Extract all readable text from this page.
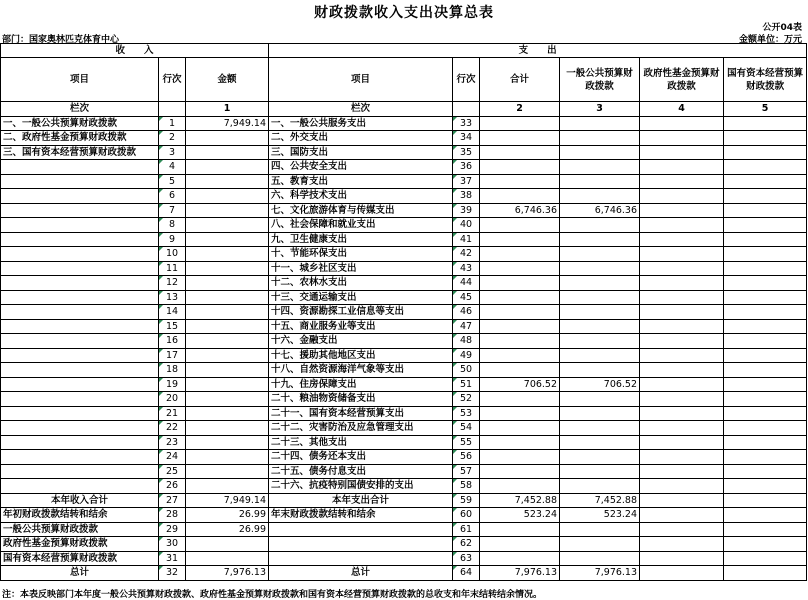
财政拨款收入支出决算总表
公开04表
部门：国家奥林匹克体育中心	金额单位：万元
收　　入			支　　出					
项目	行次	金额	项目	行次	合计	一般公共预算财政拨款	政府性基金预算财政拨款	国有资本经营预算财政拨款
栏次		1	栏次		2	3	4	5
一、一般公共预算财政拨款	1	7,949.14	一、一般公共服务支出	33				
二、政府性基金预算财政拨款	2		二、外交支出	34				
三、国有资本经营预算财政拨款	3		三、国防支出	35				
	4		四、公共安全支出	36				
	5		五、教育支出	37				
	6		六、科学技术支出	38				
	7		七、文化旅游体育与传媒支出	39	6,746.36	6,746.36		
	8		八、社会保障和就业支出	40				
	9		九、卫生健康支出	41				
	10		十、节能环保支出	42				
	11		十一、城乡社区支出	43				
	12		十二、农林水支出	44				
	13		十三、交通运输支出	45				
	14		十四、资源勘探工业信息等支出	46				
	15		十五、商业服务业等支出	47				
	16		十六、金融支出	48				
	17		十七、援助其他地区支出	49				
	18		十八、自然资源海洋气象等支出	50				
	19		十九、住房保障支出	51	706.52	706.52		
	20		二十、粮油物资储备支出	52				
	21		二十一、国有资本经营预算支出	53				
	22		二十二、灾害防治及应急管理支出	54				
	23		二十三、其他支出	55				
	24		二十四、债务还本支出	56				
	25		二十五、债务付息支出	57				
	26		二十六、抗疫特别国债安排的支出	58				
本年收入合计	27	7,949.14	本年支出合计	59	7,452.88	7,452.88		
年初财政拨款结转和结余	28	26.99	年末财政拨款结转和结余	60	523.24	523.24		
一般公共预算财政拨款	29	26.99		61				
政府性基金预算财政拨款	30			62				
国有资本经营预算财政拨款	31			63				
总计	32	7,976.13	总计	64	7,976.13	7,976.13		
注：本表反映部门本年度一般公共预算财政拨款、政府性基金预算财政拨款和国有资本经营预算财政拨款的总收支和年末结转结余情况。
